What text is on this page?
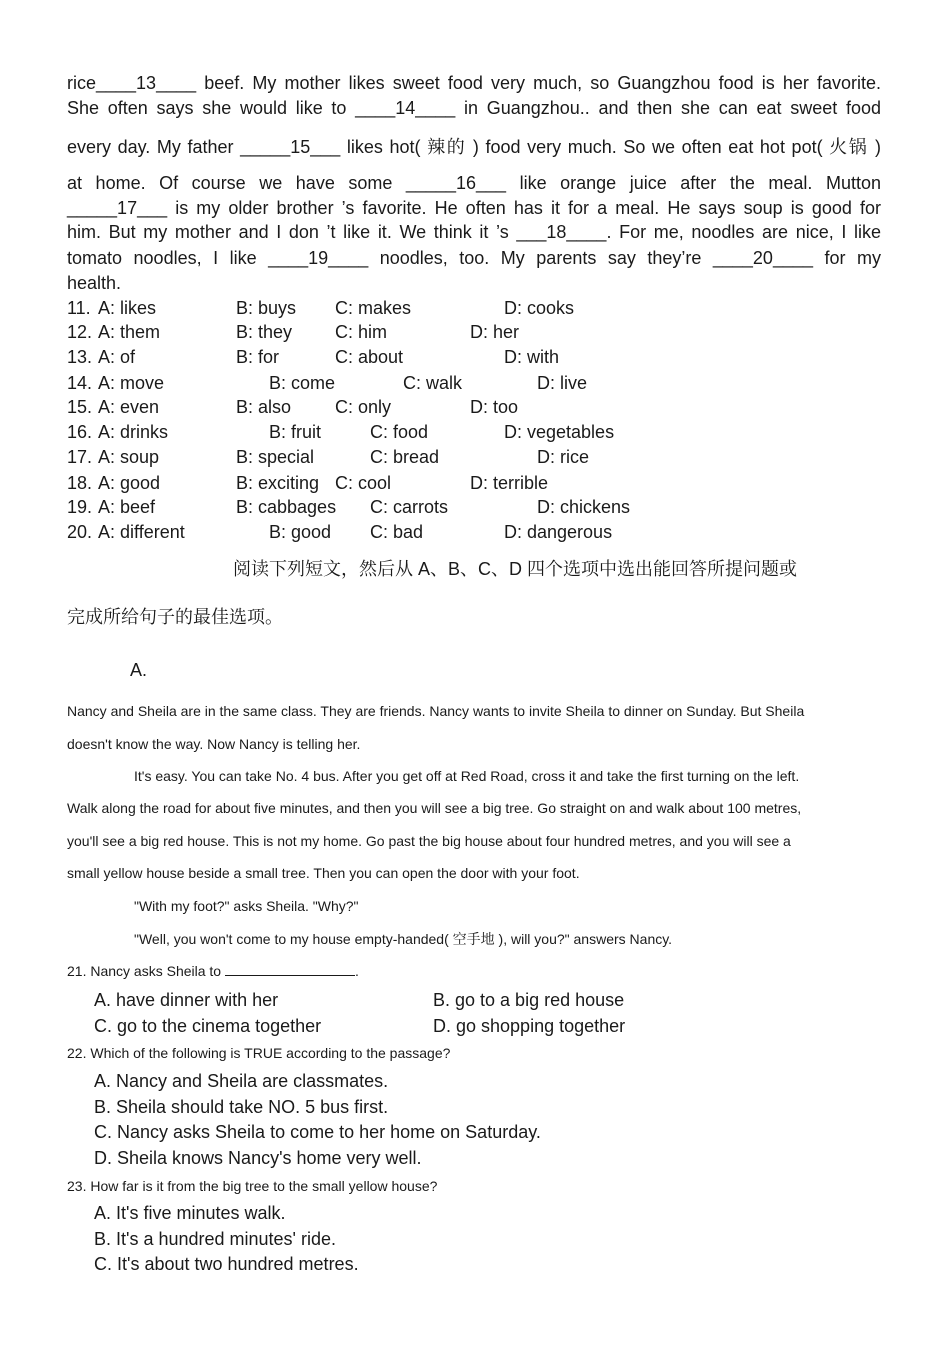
rice____13____ beef. My mother likes sweet food very much, so Guangzhou food is her favorite.
She often says she would like to ____14____ in Guangzhou.. and then she can eat sweet food
every day. My father _____15___ likes hot( 辣的 ) food very much. So we often eat hot pot( 火锅 )
at home. Of course we have some _____16___ like orange juice after the meal. Mutton
_____17___ is my older brother ’s favorite. He often has it for a meal. He says soup is good for
him. But my mother and I don ’t like it. We think it ’s ___18____. For me, noodles are nice, I like
tomato noodles, I like ____19____ noodles, too. My parents say they’re ____20____ for my
health.
11. A: likes	B: buys C: makes	D: cooks
12. A: them	B: they C: him	D: her
13. A: of	B: for	C: about	D: with
14. A: move	B: come	C: walk	D: live
15. A: even	B: also C: only	D: too
16. A: drinks	B: fruit	C: food	D: vegetables
17. A: soup	B: special	C: bread	D: rice
18. A: good	B: exciting C: cool	D: terrible
19. A: beef	B: cabbages C: carrots	D: chickens
20. A: different	B: good C: bad	D: dangerous
阅读下列短文，然后从 A、B、C、D 四个选项中选出能回答所提问题或
完成所给句子的最佳选项。
A.
Nancy and Sheila are in the same class. They are friends. Nancy wants to invite Sheila to dinner on Sunday. But Sheila
doesn't know the way. Now Nancy is telling her.
It's easy. You can take No. 4 bus. After you get off at Red Road, cross it and take the first turning on the left.
Walk along the road for about five minutes, and then you will see a big tree. Go straight on and walk about 100 metres,
you'll see a big red house. This is not my home. Go past the big house about four hundred metres, and you will see a
small yellow house beside a small tree. Then you can open the door with your foot.
"With my foot?" asks Sheila. "Why?"
"Well, you won't come to my house empty-handed( 空手地 ), will you?" answers Nancy.
21. Nancy asks Sheila to	.
A. have dinner with her	B. go to a big red house
C. go to the cinema together	D. go shopping together
22. Which of the following is TRUE according to the passage?
A. Nancy and Sheila are classmates.
B. Sheila should take NO. 5 bus first.
C. Nancy asks Sheila to come to her home on Saturday.
D. Sheila knows Nancy's home very well.
23. How far is it from the big tree to the small yellow house?
A. It's five minutes walk.
B. It's a hundred minutes' ride.
C. It's about two hundred metres.
